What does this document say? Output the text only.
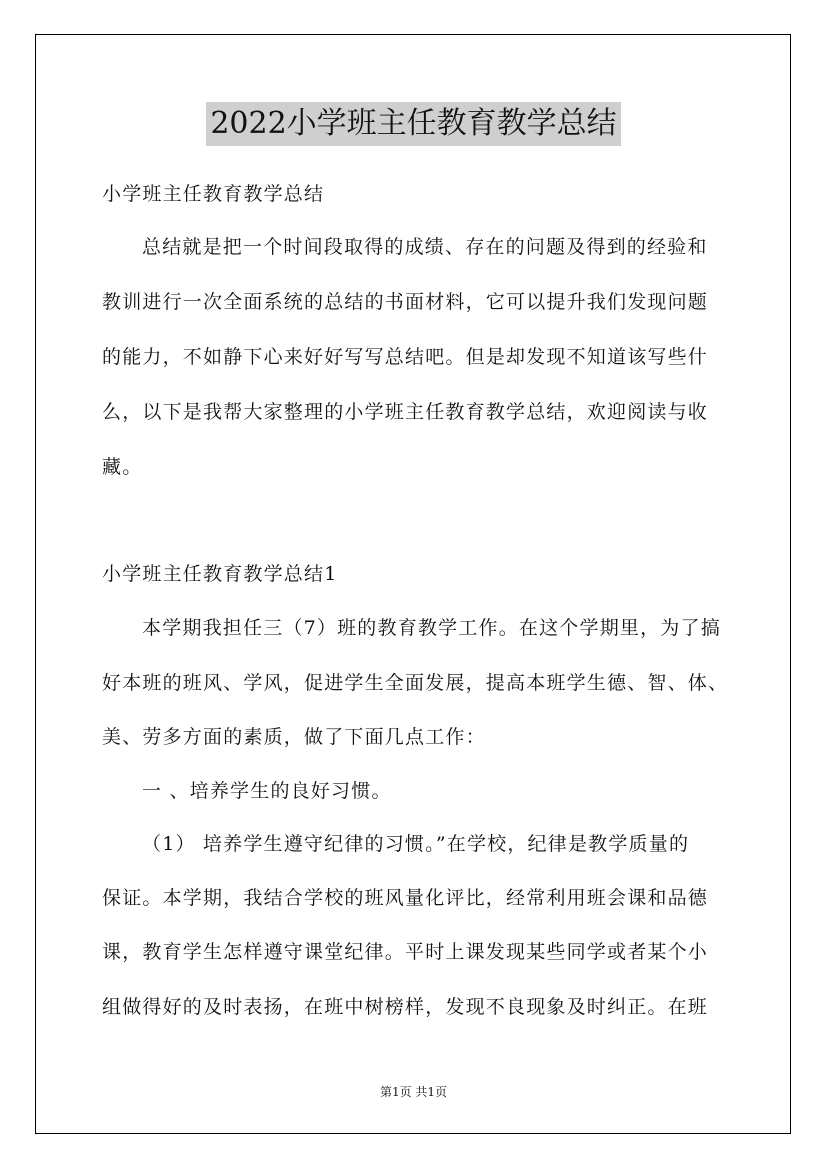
2022小学班主任教育教学总结
小学班主任教育教学总结
总结就是把一个时间段取得的成绩、存在的问题及得到的经验和
教训进行一次全面系统的总结的书面材料，它可以提升我们发现问题
的能力，不如静下心来好好写写总结吧。但是却发现不知道该写些什
么，以下是我帮大家整理的小学班主任教育教学总结，欢迎阅读与收
藏。
小学班主任教育教学总结1
本学期我担任三（7）班的教育教学工作。在这个学期里，为了搞
好本班的班风、学风，促进学生全面发展，提高本班学生德、智、体、
美、劳多方面的素质，做了下面几点工作：
一 、培养学生的良好习惯。
（1） 培养学生遵守纪律的习惯。”在学校，纪律是教学质量的
保证。本学期，我结合学校的班风量化评比，经常利用班会课和品德
课，教育学生怎样遵守课堂纪律。平时上课发现某些同学或者某个小
组做得好的及时表扬，在班中树榜样，发现不良现象及时纠正。在班
第1页 共1页
